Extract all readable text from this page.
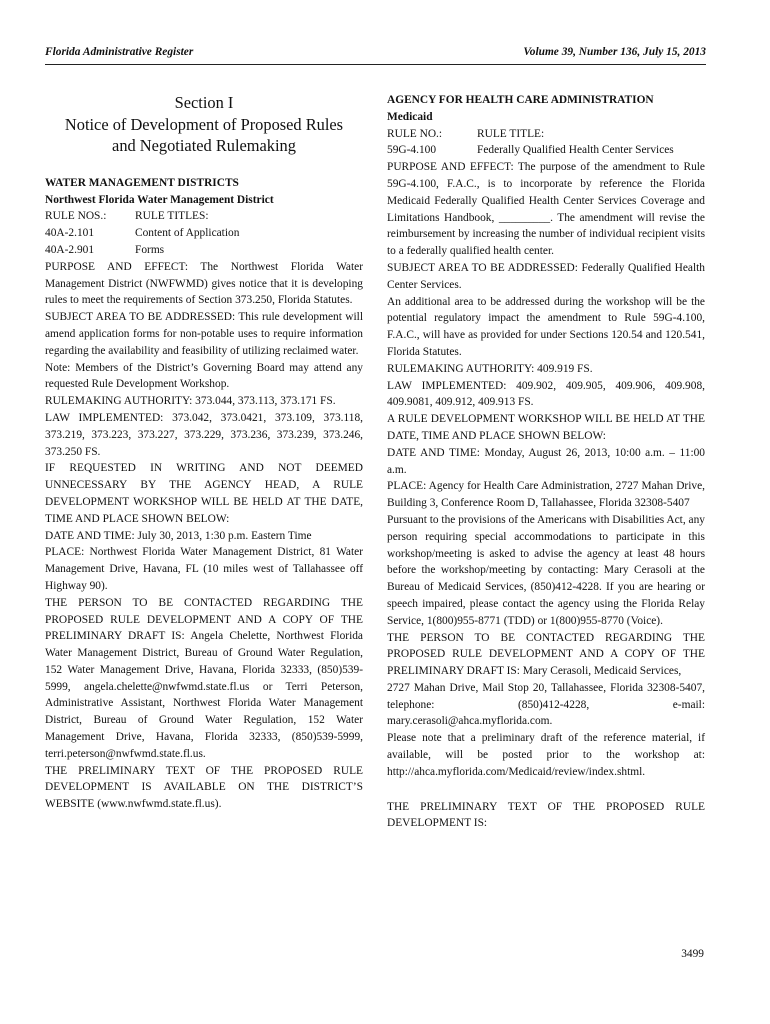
Florida Administrative Register	Volume 39, Number 136, July 15, 2013
Section I
Notice of Development of Proposed Rules
and Negotiated Rulemaking

WATER MANAGEMENT DISTRICTS

Northwest Florida Water Management District

RULE NOS.:	RULE TITLES:
40A-2.101	Content of Application
40A-2.901	Forms

PURPOSE AND EFFECT: The Northwest Florida Water Management District (NWFWMD) gives notice that it is developing rules to meet the requirements of Section 373.250, Florida Statutes.

SUBJECT AREA TO BE ADDRESSED: This rule development will amend application forms for non-potable uses to require information regarding the availability and feasibility of utilizing reclaimed water.

Note: Members of the District’s Governing Board may attend any requested Rule Development Workshop.

RULEMAKING AUTHORITY: 373.044, 373.113, 373.171 FS.

LAW IMPLEMENTED: 373.042, 373.0421, 373.109, 373.118, 373.219, 373.223, 373.227, 373.229, 373.236, 373.239, 373.246, 373.250 FS.

IF REQUESTED IN WRITING AND NOT DEEMED UNNECESSARY BY THE AGENCY HEAD, A RULE DEVELOPMENT WORKSHOP WILL BE HELD AT THE DATE, TIME AND PLACE SHOWN BELOW:

DATE AND TIME: July 30, 2013, 1:30 p.m. Eastern Time

PLACE: Northwest Florida Water Management District, 81 Water Management Drive, Havana, FL (10 miles west of Tallahassee off Highway 90).

THE PERSON TO BE CONTACTED REGARDING THE PROPOSED RULE DEVELOPMENT AND A COPY OF THE PRELIMINARY DRAFT IS: Angela Chelette, Northwest Florida Water Management District, Bureau of Ground Water Regulation, 152 Water Management Drive, Havana, Florida 32333, (850)539-5999, angela.chelette@nwfwmd.state.fl.us or Terri Peterson, Administrative Assistant, Northwest Florida Water Management District, Bureau of Ground Water Regulation, 152 Water Management Drive, Havana, Florida 32333, (850)539-5999, terri.peterson@nwfwmd.state.fl.us.

THE PRELIMINARY TEXT OF THE PROPOSED RULE DEVELOPMENT IS AVAILABLE ON THE DISTRICT’S WEBSITE (www.nwfwmd.state.fl.us).

AGENCY FOR HEALTH CARE ADMINISTRATION

Medicaid

RULE NO.:	RULE TITLE:
59G-4.100	Federally Qualified Health Center Services

PURPOSE AND EFFECT: The purpose of the amendment to Rule 59G-4.100, F.A.C., is to incorporate by reference the Florida Medicaid Federally Qualified Health Center Services Coverage and Limitations Handbook, _________. The amendment will revise the reimbursement by increasing the number of individual recipient visits to a federally qualified health center.

SUBJECT AREA TO BE ADDRESSED: Federally Qualified Health Center Services.

An additional area to be addressed during the workshop will be the potential regulatory impact the amendment to Rule 59G-4.100, F.A.C., will have as provided for under Sections 120.54 and 120.541, Florida Statutes.

RULEMAKING AUTHORITY: 409.919 FS.

LAW IMPLEMENTED: 409.902, 409.905, 409.906, 409.908, 409.9081, 409.912, 409.913 FS.

A RULE DEVELOPMENT WORKSHOP WILL BE HELD AT THE DATE, TIME AND PLACE SHOWN BELOW:

DATE AND TIME: Monday, August 26, 2013, 10:00 a.m. – 11:00 a.m.

PLACE: Agency for Health Care Administration, 2727 Mahan Drive, Building 3, Conference Room D, Tallahassee, Florida 32308-5407

Pursuant to the provisions of the Americans with Disabilities Act, any person requiring special accommodations to participate in this workshop/meeting is asked to advise the agency at least 48 hours before the workshop/meeting by contacting: Mary Cerasoli at the Bureau of Medicaid Services, (850)412-4228. If you are hearing or speech impaired, please contact the agency using the Florida Relay Service, 1(800)955-8771 (TDD) or 1(800)955-8770 (Voice).

THE PERSON TO BE CONTACTED REGARDING THE PROPOSED RULE DEVELOPMENT AND A COPY OF THE PRELIMINARY DRAFT IS: Mary Cerasoli, Medicaid Services,

2727 Mahan Drive, Mail Stop 20, Tallahassee, Florida 32308-5407, telephone: (850)412-4228, e-mail: mary.cerasoli@ahca.myflorida.com.

Please note that a preliminary draft of the reference material, if available, will be posted prior to the workshop at: http://ahca.myflorida.com/Medicaid/review/index.shtml.

THE PRELIMINARY TEXT OF THE PROPOSED RULE DEVELOPMENT IS:

3499
